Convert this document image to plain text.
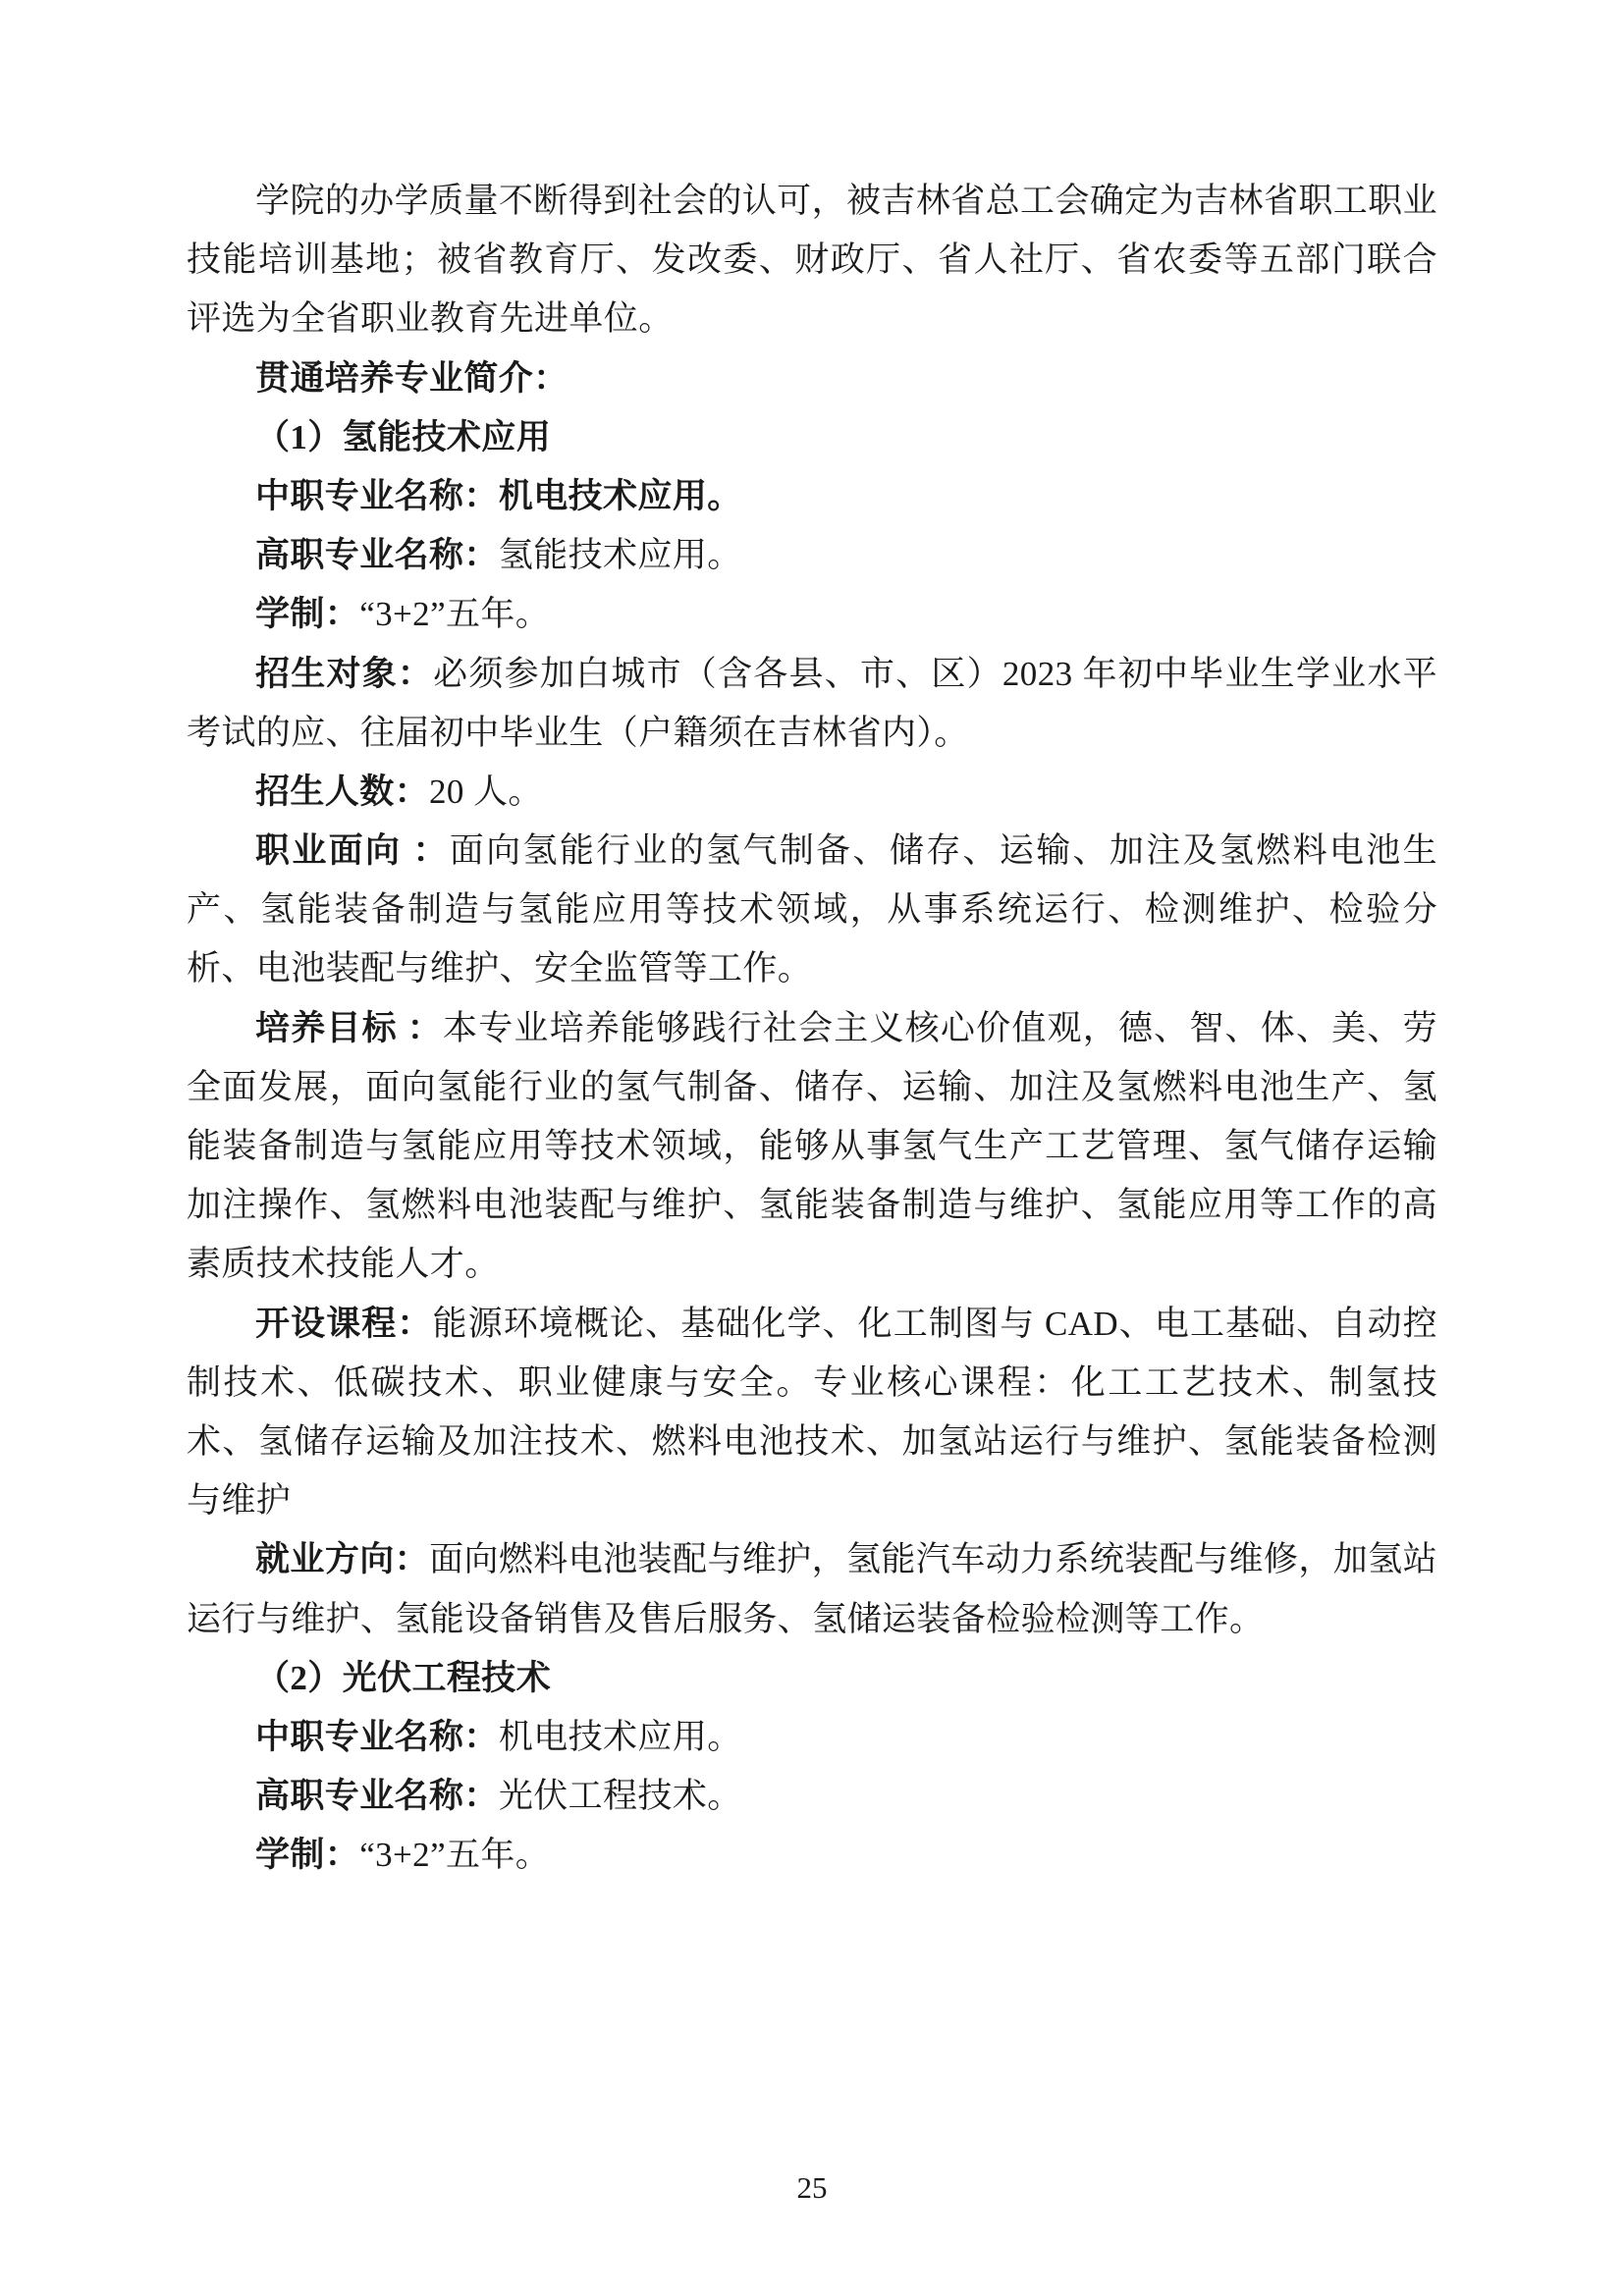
学院的办学质量不断得到社会的认可，被吉林省总工会确定为吉林省职工职业技能培训基地；被省教育厅、发改委、财政厅、省人社厅、省农委等五部门联合评选为全省职业教育先进单位。

贯通培养专业简介：

（1）氢能技术应用

中职专业名称：机电技术应用。

高职专业名称：氢能技术应用。

学制：“3+2”五年。

招生对象：必须参加白城市（含各县、市、区）2023 年初中毕业生学业水平考试的应、往届初中毕业生（户籍须在吉林省内）。

招生人数：20 人。

职业面向 ：面向氢能行业的氢气制备、储存、运输、加注及氢燃料电池生产、氢能装备制造与氢能应用等技术领域，从事系统运行、检测维护、检验分析、电池装配与维护、安全监管等工作。

培养目标 ：本专业培养能够践行社会主义核心价值观，德、智、体、美、劳全面发展，面向氢能行业的氢气制备、储存、运输、加注及氢燃料电池生产、氢能装备制造与氢能应用等技术领域，能够从事氢气生产工艺管理、氢气储存运输加注操作、氢燃料电池装配与维护、氢能装备制造与维护、氢能应用等工作的高素质技术技能人才。

开设课程：能源环境概论、基础化学、化工制图与 CAD、电工基础、自动控制技术、低碳技术、职业健康与安全。专业核心课程：化工工艺技术、制氢技术、氢储存运输及加注技术、燃料电池技术、加氢站运行与维护、氢能装备检测与维护

就业方向：面向燃料电池装配与维护，氢能汽车动力系统装配与维修，加氢站运行与维护、氢能设备销售及售后服务、氢储运装备检验检测等工作。

（2）光伏工程技术

中职专业名称：机电技术应用。

高职专业名称：光伏工程技术。

学制：“3+2”五年。

25
